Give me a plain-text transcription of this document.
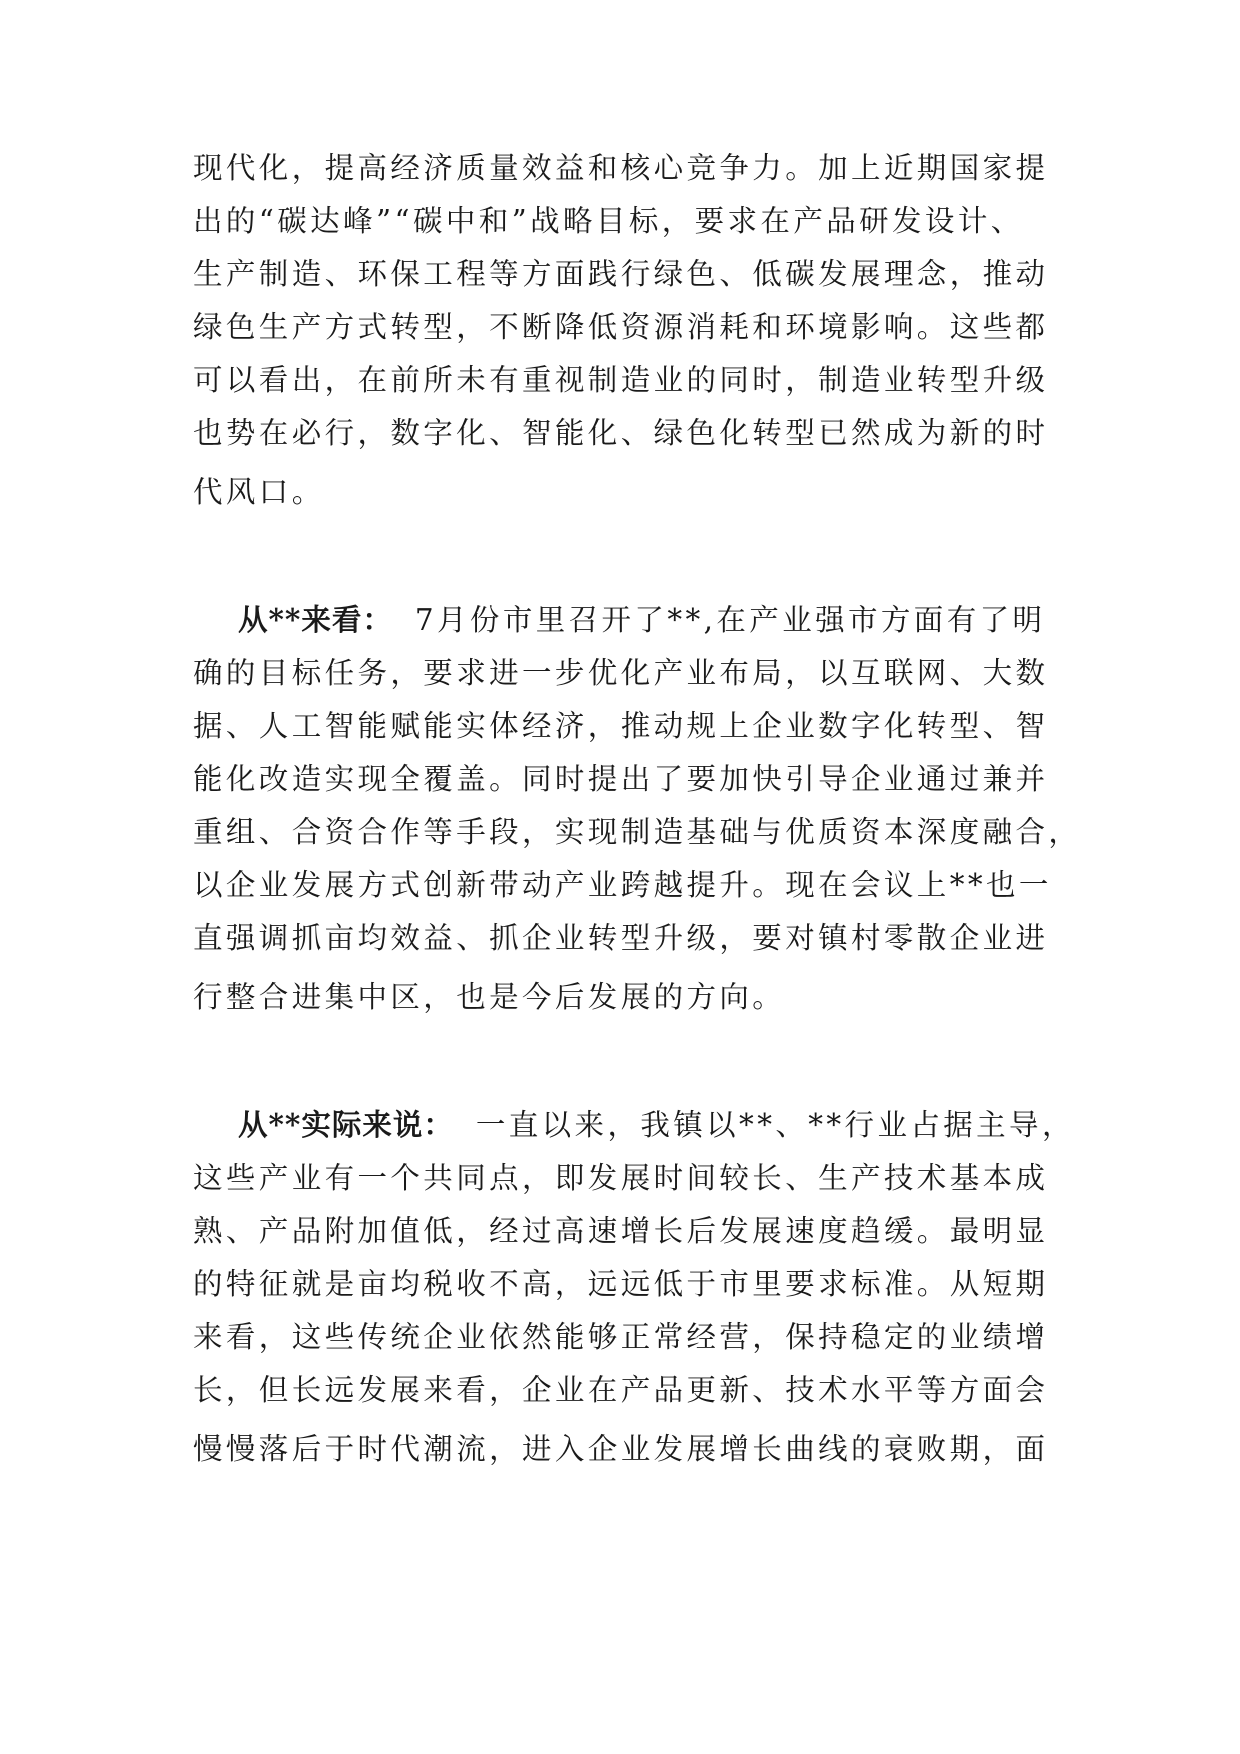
现代化，提高经济质量效益和核心竞争力。加上近期国家提
出的“碳达峰”“碳中和”战略目标，要求在产品研发设计、
生产制造、环保工程等方面践行绿色、低碳发展理念，推动
绿色生产方式转型，不断降低资源消耗和环境影响。这些都
可以看出，在前所未有重视制造业的同时，制造业转型升级
也势在必行，数字化、智能化、绿色化转型已然成为新的时
代风口。
从**来看： 7月份市里召开了**,在产业强市方面有了明
确的目标任务，要求进一步优化产业布局，以互联网、大数
据、人工智能赋能实体经济，推动规上企业数字化转型、智
能化改造实现全覆盖。同时提出了要加快引导企业通过兼并
重组、合资合作等手段，实现制造基础与优质资本深度融合，
以企业发展方式创新带动产业跨越提升。现在会议上**也一
直强调抓亩均效益、抓企业转型升级，要对镇村零散企业进
行整合进集中区，也是今后发展的方向。
从**实际来说： 一直以来，我镇以**、**行业占据主导，
这些产业有一个共同点，即发展时间较长、生产技术基本成
熟、产品附加值低，经过高速增长后发展速度趋缓。最明显
的特征就是亩均税收不高，远远低于市里要求标准。从短期
来看，这些传统企业依然能够正常经营，保持稳定的业绩增
长，但长远发展来看，企业在产品更新、技术水平等方面会
慢慢落后于时代潮流，进入企业发展增长曲线的衰败期，面
